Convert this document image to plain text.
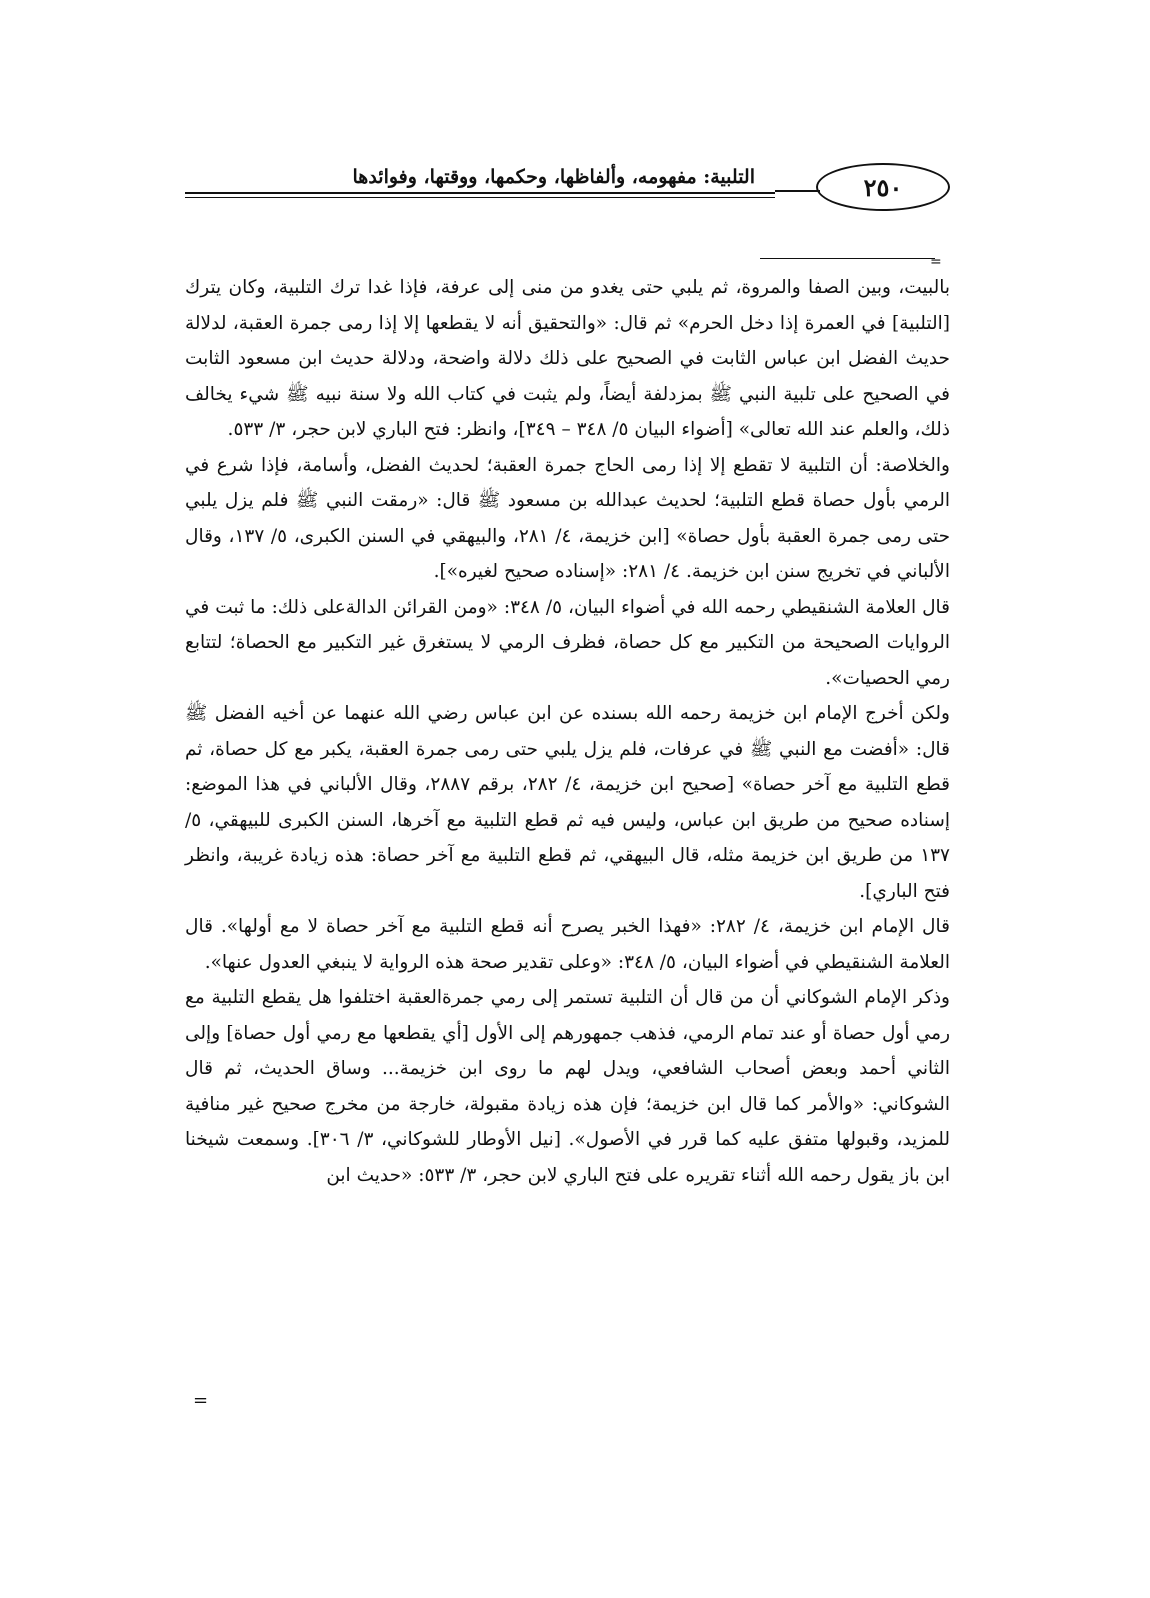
٢٥٠
التلبية: مفهومه، وألفاظها، وحكمها، ووقتها، وفوائدها
=

بالبيت، وبين الصفا والمروة، ثم يلبي حتى يغدو من منى إلى عرفة، فإذا غدا ترك التلبية، وكان يترك [التلبية] في العمرة إذا دخل الحرم» ثم قال: «والتحقيق أنه لا يقطعها إلا إذا رمى جمرة العقبة، لدلالة حديث الفضل ابن عباس الثابت في الصحيح على ذلك دلالة واضحة، ودلالة حديث ابن مسعود الثابت في الصحيح على تلبية النبي ﷺ بمزدلفة أيضاً، ولم يثبت في كتاب الله ولا سنة نبيه ﷺ شيء يخالف ذلك، والعلم عند الله تعالى» [أضواء البيان ٥/ ٣٤٨ – ٣٤٩]، وانظر: فتح الباري لابن حجر، ٣/ ٥٣٣.

والخلاصة: أن التلبية لا تقطع إلا إذا رمى الحاج جمرة العقبة؛ لحديث الفضل، وأسامة، فإذا شرع في الرمي بأول حصاة قطع التلبية؛ لحديث عبدالله بن مسعود ﷺ قال: «رمقت النبي ﷺ فلم يزل يلبي حتى رمى جمرة العقبة بأول حصاة» [ابن خزيمة، ٤/ ٢٨١، والبيهقي في السنن الكبرى، ٥/ ١٣٧، وقال الألباني في تخريج سنن ابن خزيمة. ٤/ ٢٨١: «إسناده صحيح لغيره»].

قال العلامة الشنقيطي رحمه الله في أضواء البيان، ٥/ ٣٤٨: «ومن القرائن الدالةعلى ذلك: ما ثبت في الروايات الصحيحة من التكبير مع كل حصاة، فظرف الرمي لا يستغرق غير التكبير مع الحصاة؛ لتتابع رمي الحصيات».

ولكن أخرج الإمام ابن خزيمة رحمه الله بسنده عن ابن عباس رضي الله عنهما عن أخيه الفضل ﷺ قال: «أفضت مع النبي ﷺ في عرفات، فلم يزل يلبي حتى رمى جمرة العقبة، يكبر مع كل حصاة، ثم قطع التلبية مع آخر حصاة» [صحيح ابن خزيمة، ٤/ ٢٨٢، برقم ٢٨٨٧، وقال الألباني في هذا الموضع: إسناده صحيح من طريق ابن عباس، وليس فيه ثم قطع التلبية مع آخرها، السنن الكبرى للبيهقي، ٥/ ١٣٧ من طريق ابن خزيمة مثله، قال البيهقي، ثم قطع التلبية مع آخر حصاة: هذه زيادة غريبة، وانظر فتح الباري].

قال الإمام ابن خزيمة، ٤/ ٢٨٢: «فهذا الخبر يصرح أنه قطع التلبية مع آخر حصاة لا مع أولها». قال العلامة الشنقيطي في أضواء البيان، ٥/ ٣٤٨: «وعلى تقدير صحة هذه الرواية لا ينبغي العدول عنها».

وذكر الإمام الشوكاني أن من قال أن التلبية تستمر إلى رمي جمرةالعقبة اختلفوا هل يقطع التلبية مع رمي أول حصاة أو عند تمام الرمي، فذهب جمهورهم إلى الأول [أي يقطعها مع رمي أول حصاة] وإلى الثاني أحمد وبعض أصحاب الشافعي، ويدل لهم ما روى ابن خزيمة... وساق الحديث، ثم قال الشوكاني: «والأمر كما قال ابن خزيمة؛ فإن هذه زيادة مقبولة، خارجة من مخرج صحيح غير منافية للمزيد، وقبولها متفق عليه كما قرر في الأصول». [نيل الأوطار للشوكاني، ٣/ ٣٠٦]. وسمعت شيخنا ابن باز يقول رحمه الله أثناء تقريره على فتح الباري لابن حجر، ٣/ ٥٣٣: «حديث ابن

=
